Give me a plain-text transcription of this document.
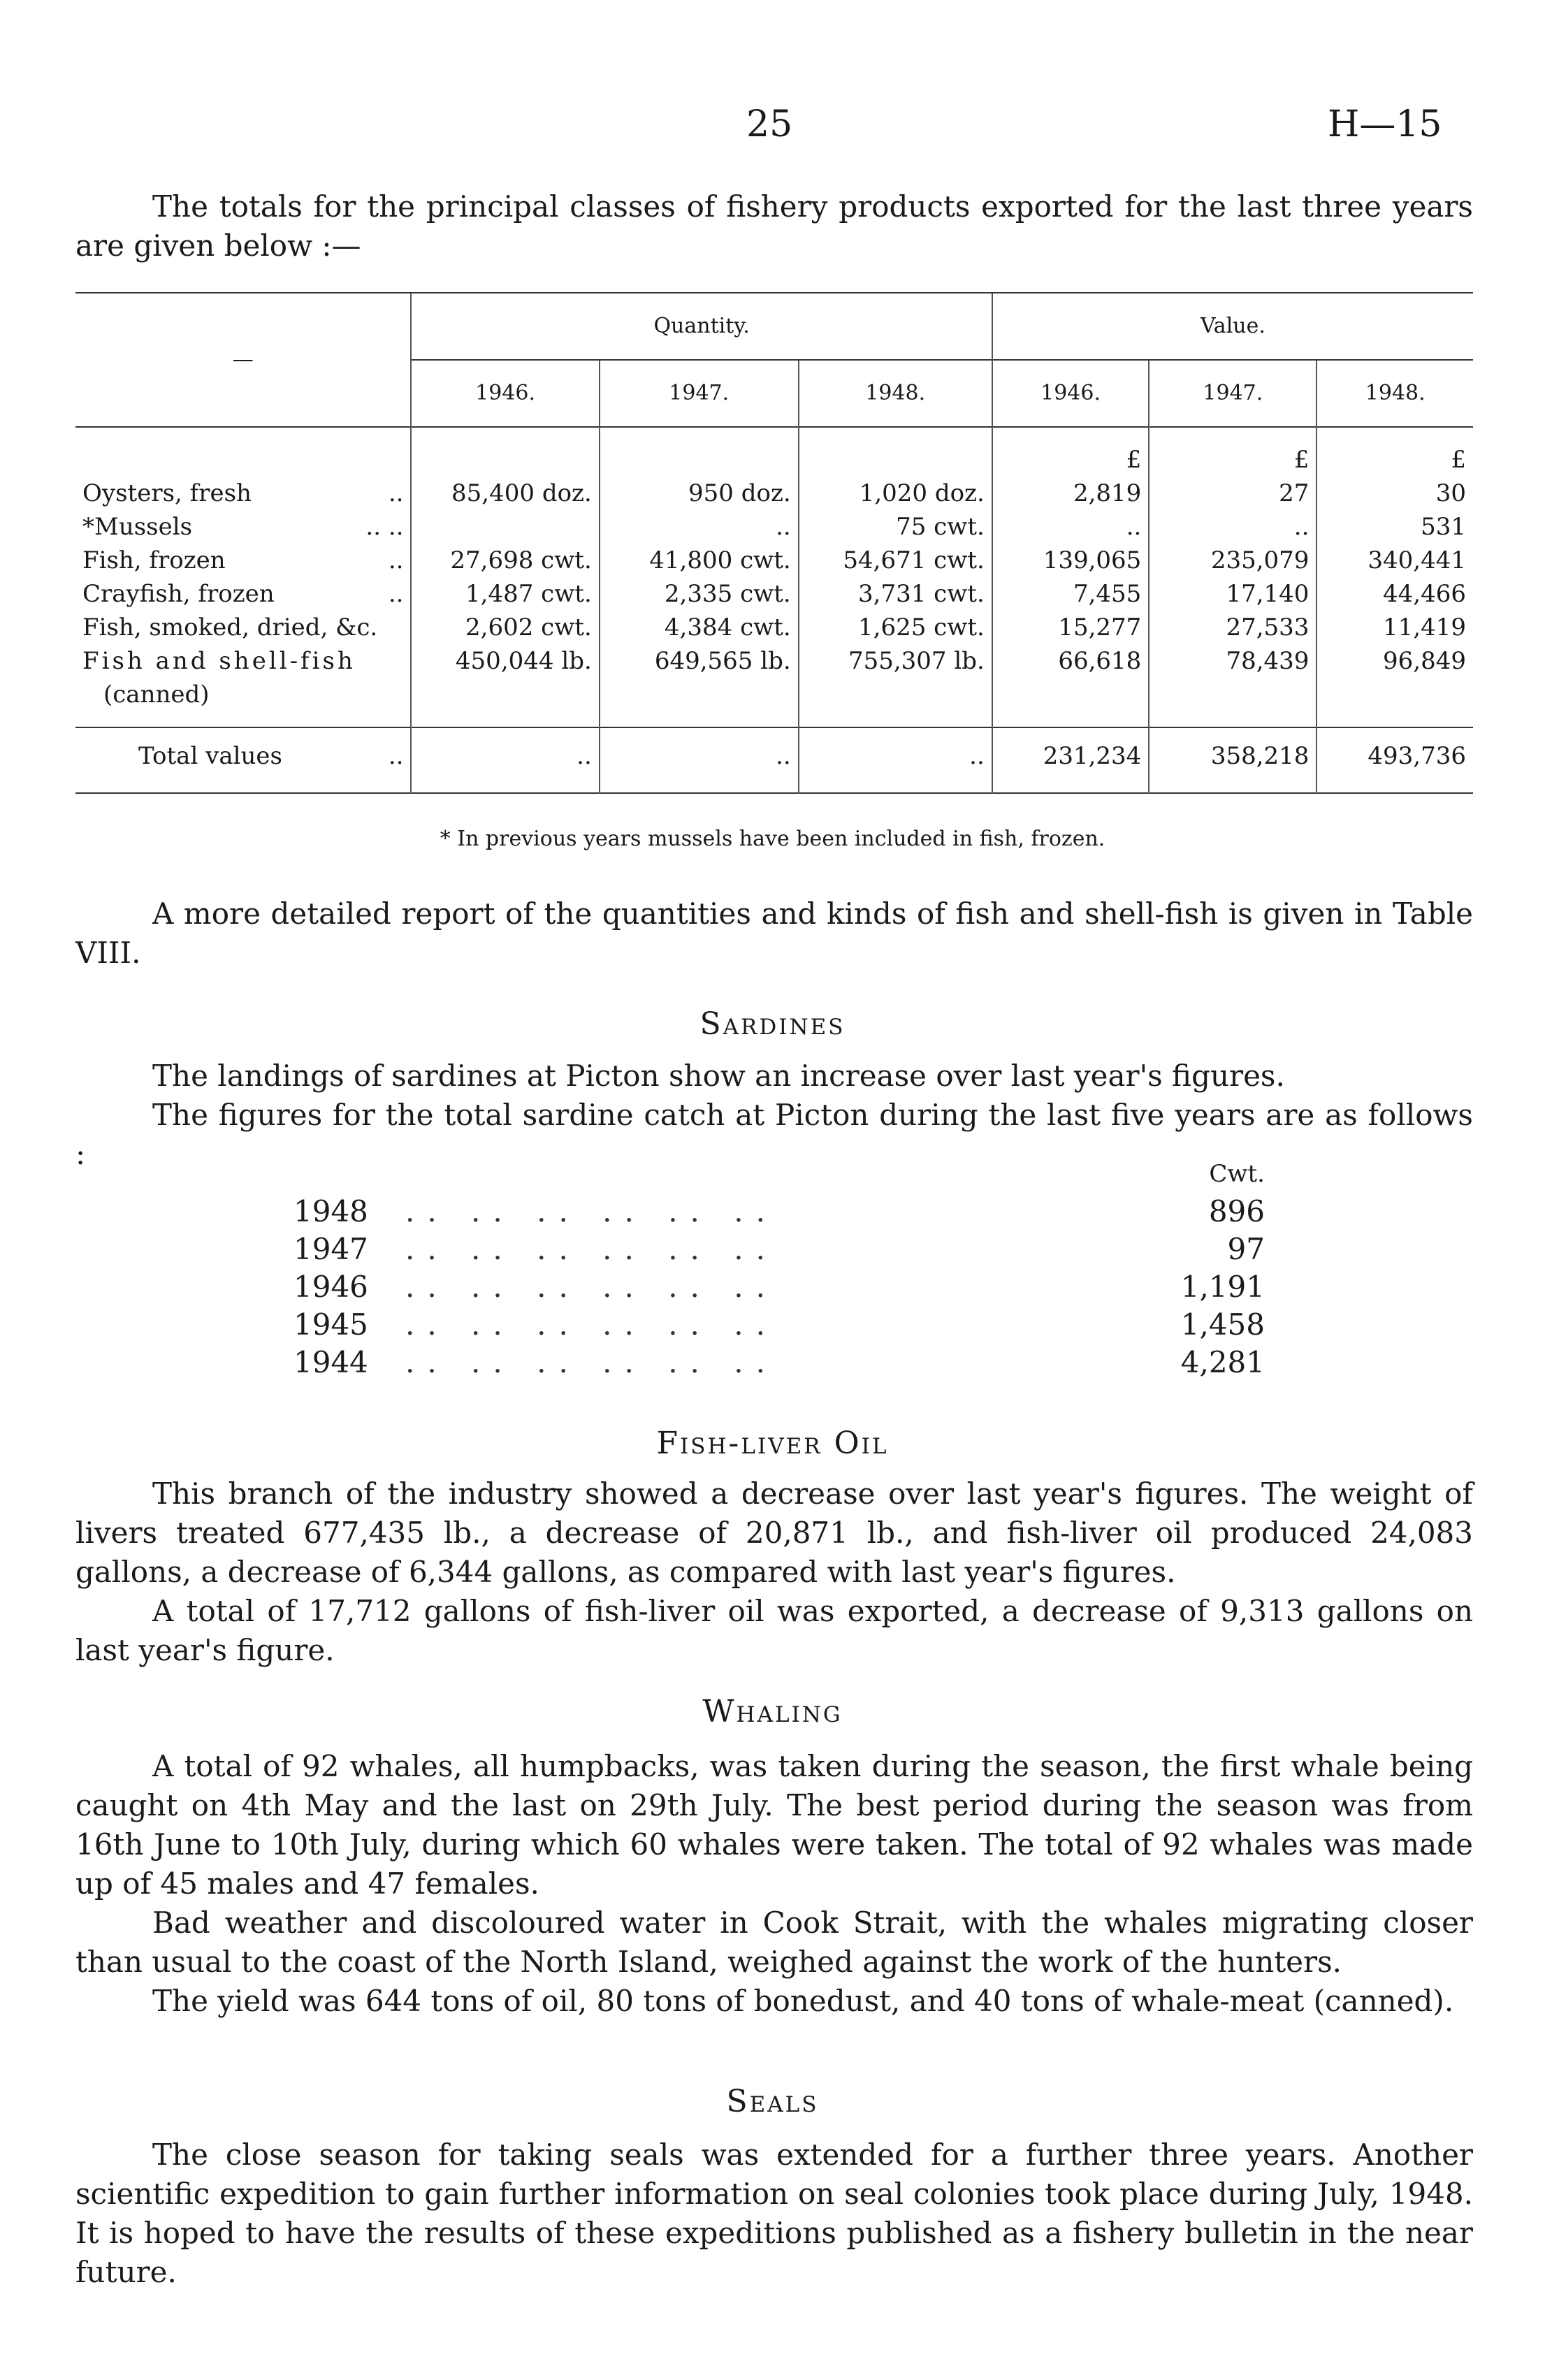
25	H—15

The totals for the principal classes of fishery products exported for the last three years are given below :—

—	Quantity.			Value.		
	1946.	1947.	1948.	1946.	1947.	1948.
				£	£	£
Oysters, fresh ..	85,400 doz.	950 doz.	1,020 doz.	2,819	27	30
*Mussels .. ..		..	75 cwt.	..	..	531
Fish, frozen ..	27,698 cwt.	41,800 cwt.	54,671 cwt.	139,065	235,079	340,441
Crayfish, frozen ..	1,487 cwt.	2,335 cwt.	3,731 cwt.	7,455	17,140	44,466
Fish, smoked, dried, &c.	2,602 cwt.	4,384 cwt.	1,625 cwt.	15,277	27,533	11,419
Fish and shell-fish	450,044 lb.	649,565 lb.	755,307 lb.	66,618	78,439	96,849
(canned)						
Total values ..	..	..	..	231,234	358,218	493,736

* In previous years mussels have been included in fish, frozen.

A more detailed report of the quantities and kinds of fish and shell-fish is given in Table VIII.

Sardines

The landings of sardines at Picton show an increase over last year's figures.

The figures for the total sardine catch at Picton during the last five years are as follows :

Cwt.
1948	.. .. .. .. .. ..	896
1947	.. .. .. .. .. ..	97
1946	.. .. .. .. .. ..	1,191
1945	.. .. .. .. .. ..	1,458
1944	.. .. .. .. .. ..	4,281
Fish-liver Oil

This branch of the industry showed a decrease over last year's figures. The weight of livers treated 677,435 lb., a decrease of 20,871 lb., and fish-liver oil produced 24,083 gallons, a decrease of 6,344 gallons, as compared with last year's figures.

A total of 17,712 gallons of fish-liver oil was exported, a decrease of 9,313 gallons on last year's figure.

Whaling

A total of 92 whales, all humpbacks, was taken during the season, the first whale being caught on 4th May and the last on 29th July. The best period during the season was from 16th June to 10th July, during which 60 whales were taken. The total of 92 whales was made up of 45 males and 47 females.

Bad weather and discoloured water in Cook Strait, with the whales migrating closer than usual to the coast of the North Island, weighed against the work of the hunters.

The yield was 644 tons of oil, 80 tons of bonedust, and 40 tons of whale-meat (canned).

Seals

The close season for taking seals was extended for a further three years. Another scientific expedition to gain further information on seal colonies took place during July, 1948. It is hoped to have the results of these expeditions published as a fishery bulletin in the near future.
